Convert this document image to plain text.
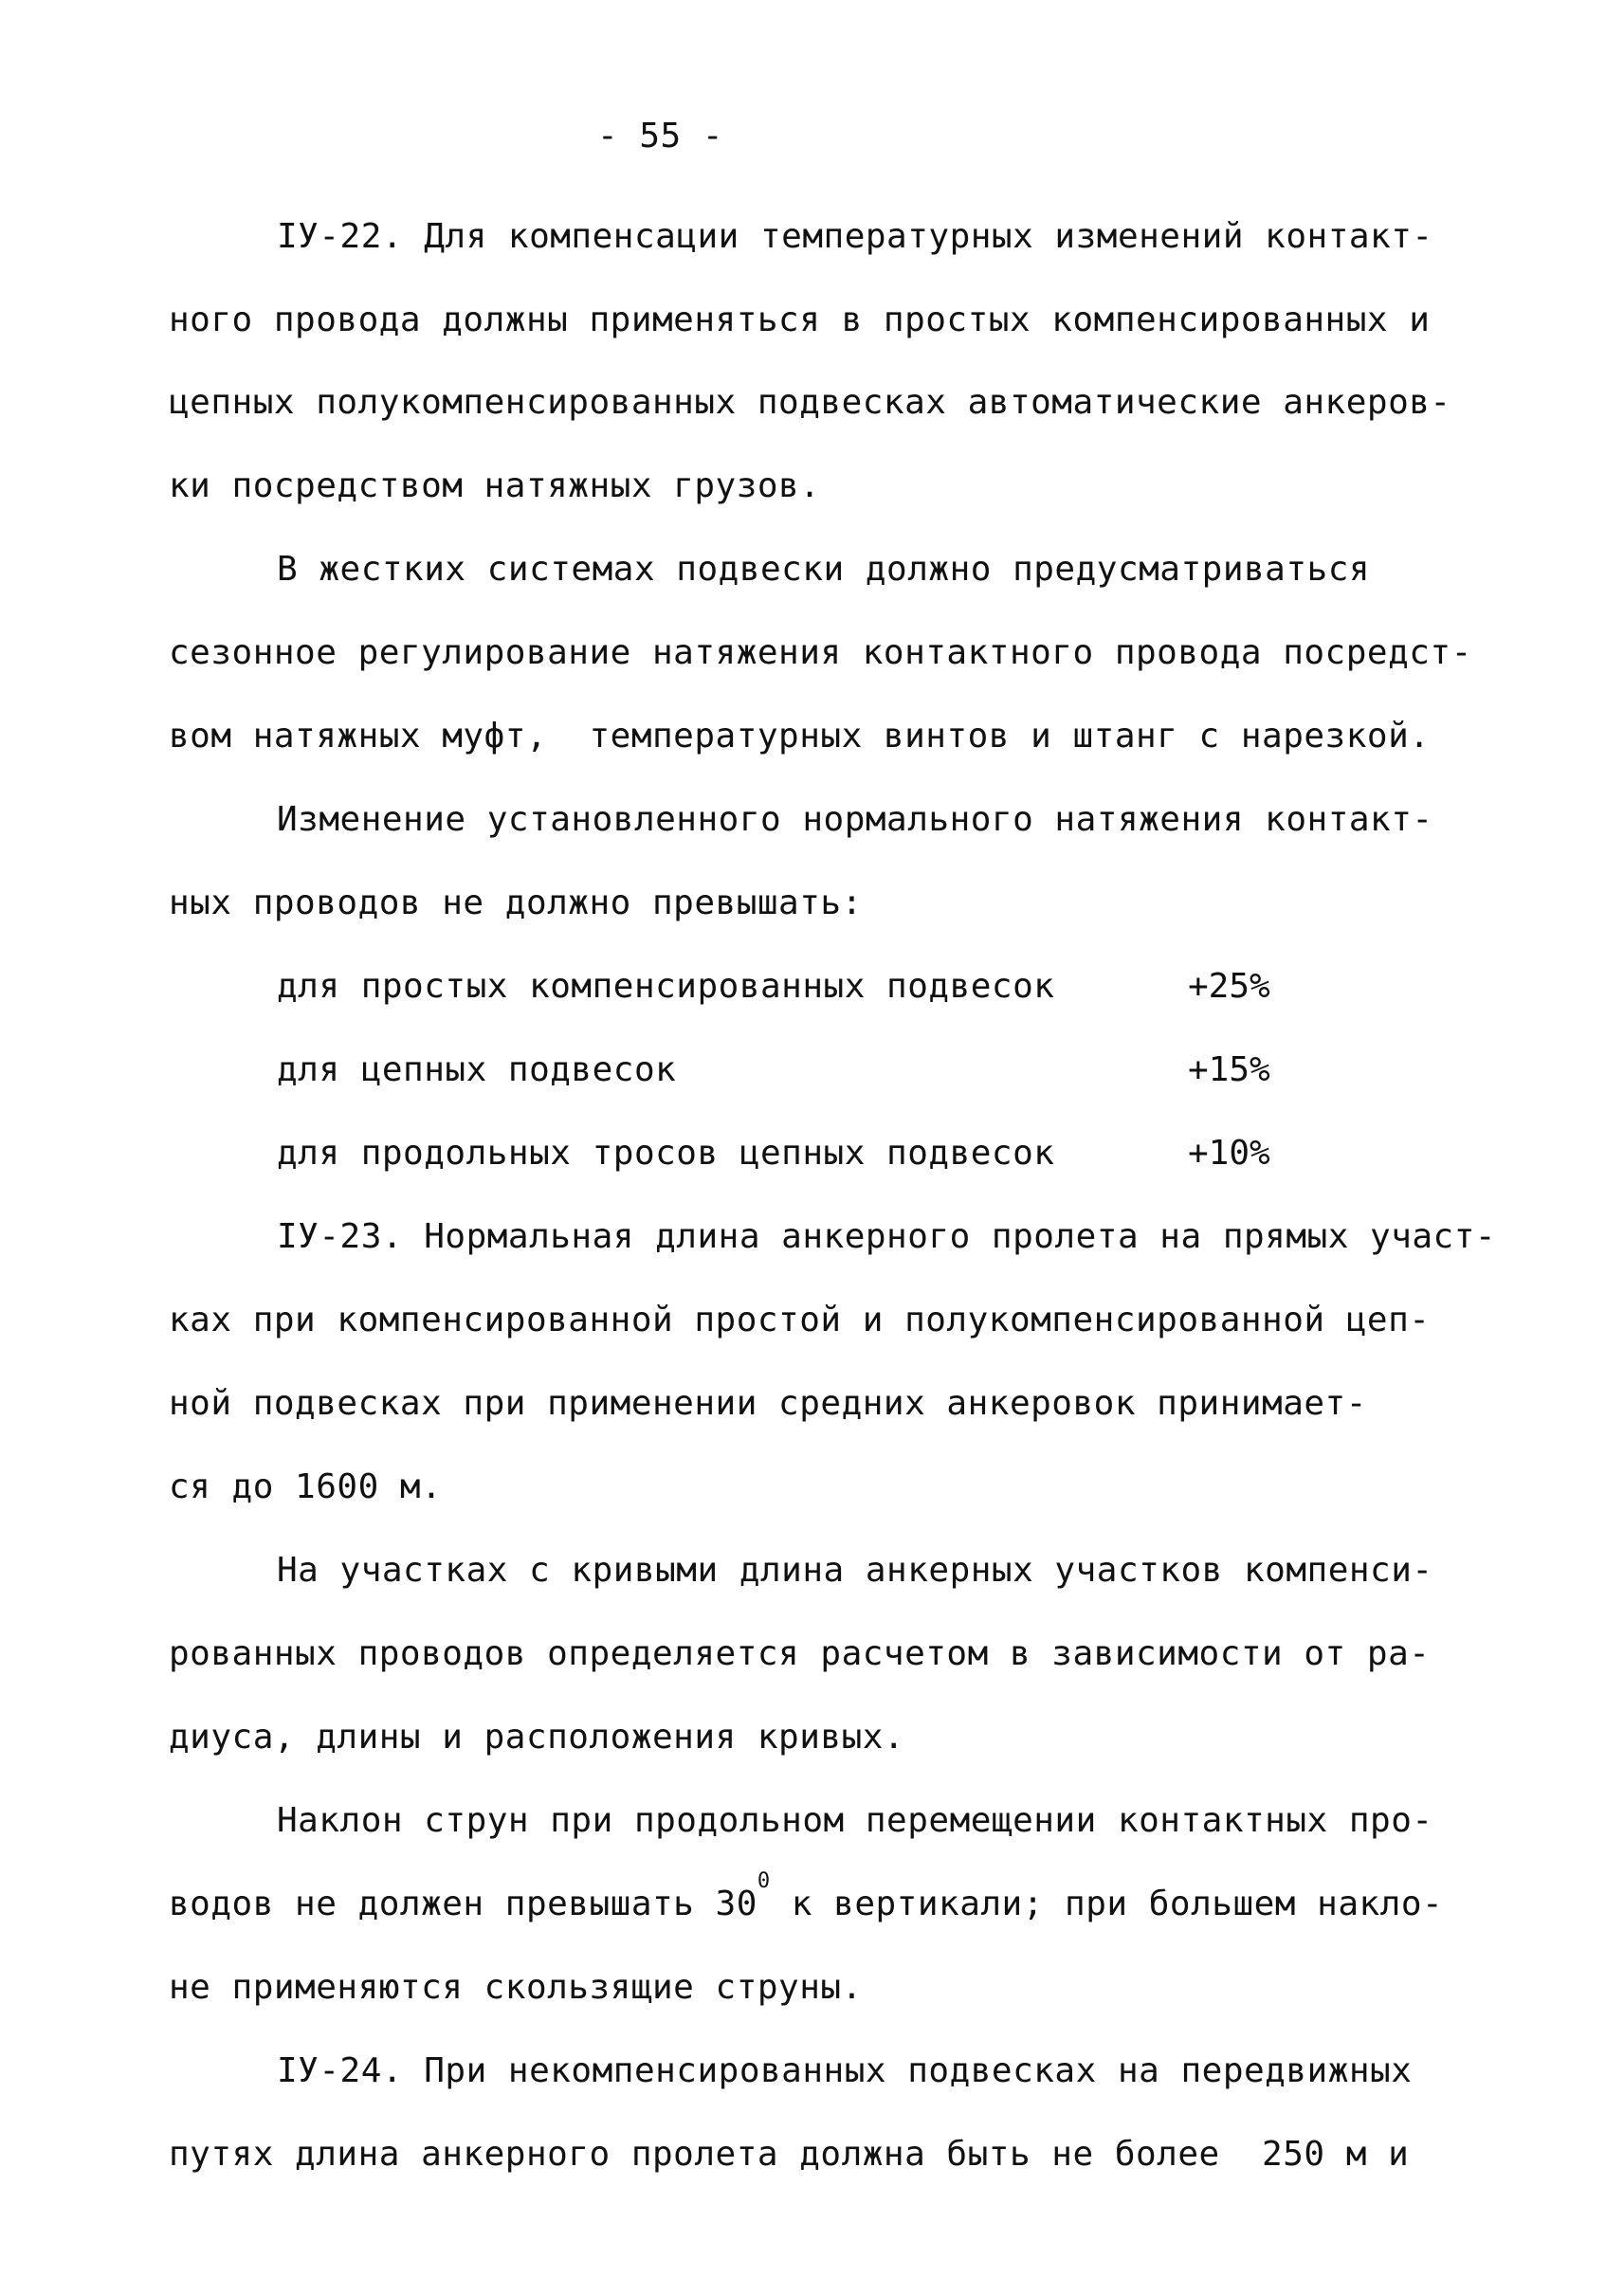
- 55 -
IУ-22. Для компенсации температурных изменений контакт-
ного провода должны применяться в простых компенсированных и
цепных полукомпенсированных подвесках автоматические анкеров-
ки посредством натяжных грузов.
В жестких системах подвески должно предусматриваться
сезонное регулирование натяжения контактного провода посредст-
вом натяжных муфт,  температурных винтов и штанг с нарезкой.
Изменение установленного нормального натяжения контакт-
ных проводов не должно превышать:
для простых компенсированных подвесок	+25%
для цепных подвесок	+15%
для продольных тросов цепных подвесок	+10%
IУ-23. Нормальная длина анкерного пролета на прямых участ-
ках при компенсированной простой и полукомпенсированной цеп-
ной подвесках при применении средних анкеровок принимает-
ся до 1600 м.
На участках с кривыми длина анкерных участков компенси-
рованных проводов определяется расчетом в зависимости от ра-
диуса, длины и расположения кривых.
Наклон струн при продольном перемещении контактных про-
водов не должен превышать $30^0$ к вертикали; при большем накло-
не применяются скользящие струны.
IУ-24. При некомпенсированных подвесках на передвижных
путях длина анкерного пролета должна быть не более  250 м и
